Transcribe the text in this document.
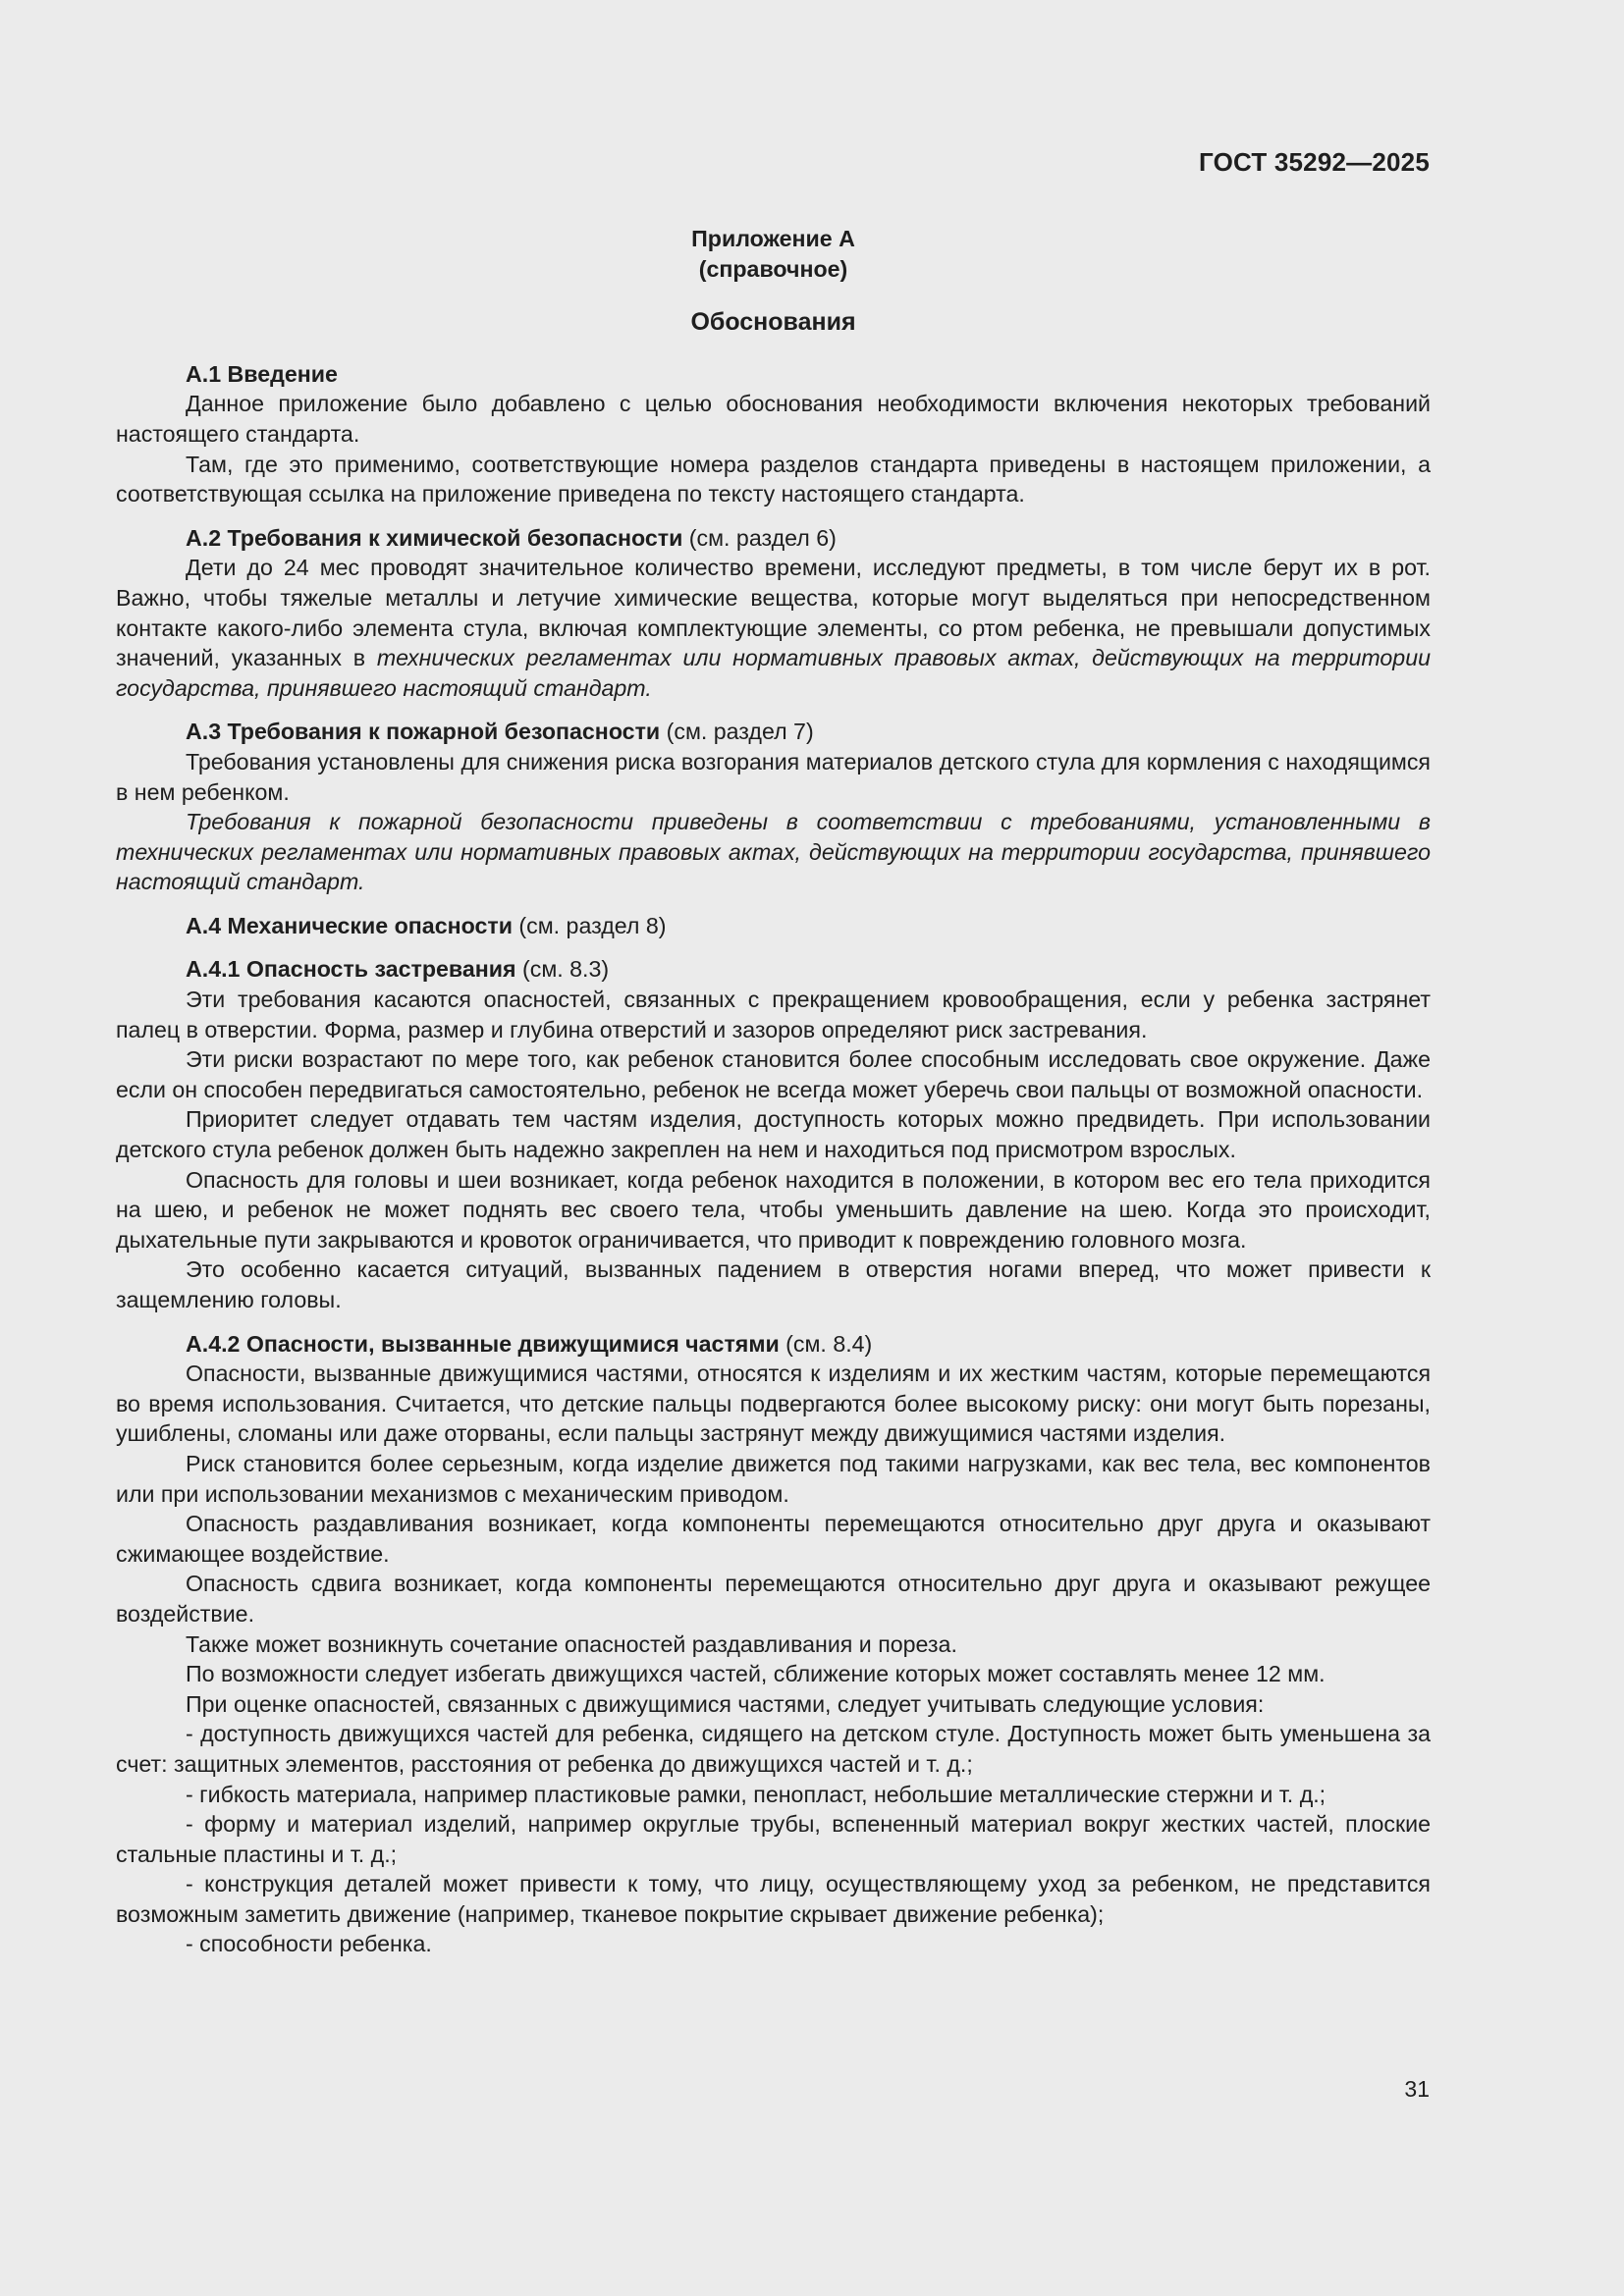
ГОСТ 35292—2025
Приложение А
(справочное)
Обоснования

А.1 Введение

Данное приложение было добавлено с целью обоснования необходимости включения некоторых требований настоящего стандарта.

Там, где это применимо, соответствующие номера разделов стандарта приведены в настоящем приложении, а соответствующая ссылка на приложение приведена по тексту настоящего стандарта.

А.2 Требования к химической безопасности (см. раздел 6)

Дети до 24 мес проводят значительное количество времени, исследуют предметы, в том числе берут их в рот. Важно, чтобы тяжелые металлы и летучие химические вещества, которые могут выделяться при непосредственном контакте какого-либо элемента стула, включая комплектующие элементы, со ртом ребенка, не превышали допустимых значений, указанных в технических регламентах или нормативных правовых актах, действующих на территории государства, принявшего настоящий стандарт.

А.3 Требования к пожарной безопасности (см. раздел 7)

Требования установлены для снижения риска возгорания материалов детского стула для кормления с находящимся в нем ребенком.

Требования к пожарной безопасности приведены в соответствии с требованиями, установленными в технических регламентах или нормативных правовых актах, действующих на территории государства, принявшего настоящий стандарт.

А.4 Механические опасности (см. раздел 8)

А.4.1 Опасность застревания (см. 8.3)

Эти требования касаются опасностей, связанных с прекращением кровообращения, если у ребенка застрянет палец в отверстии. Форма, размер и глубина отверстий и зазоров определяют риск застревания.

Эти риски возрастают по мере того, как ребенок становится более способным исследовать свое окружение. Даже если он способен передвигаться самостоятельно, ребенок не всегда может уберечь свои пальцы от возможной опасности.

Приоритет следует отдавать тем частям изделия, доступность которых можно предвидеть. При использовании детского стула ребенок должен быть надежно закреплен на нем и находиться под присмотром взрослых.

Опасность для головы и шеи возникает, когда ребенок находится в положении, в котором вес его тела приходится на шею, и ребенок не может поднять вес своего тела, чтобы уменьшить давление на шею. Когда это происходит, дыхательные пути закрываются и кровоток ограничивается, что приводит к повреждению головного мозга.

Это особенно касается ситуаций, вызванных падением в отверстия ногами вперед, что может привести к защемлению головы.

А.4.2 Опасности, вызванные движущимися частями (см. 8.4)

Опасности, вызванные движущимися частями, относятся к изделиям и их жестким частям, которые перемещаются во время использования. Считается, что детские пальцы подвергаются более высокому риску: они могут быть порезаны, ушиблены, сломаны или даже оторваны, если пальцы застрянут между движущимися частями изделия.

Риск становится более серьезным, когда изделие движется под такими нагрузками, как вес тела, вес компонентов или при использовании механизмов с механическим приводом.

Опасность раздавливания возникает, когда компоненты перемещаются относительно друг друга и оказывают сжимающее воздействие.

Опасность сдвига возникает, когда компоненты перемещаются относительно друг друга и оказывают режущее воздействие.

Также может возникнуть сочетание опасностей раздавливания и пореза.

По возможности следует избегать движущихся частей, сближение которых может составлять менее 12 мм.

При оценке опасностей, связанных с движущимися частями, следует учитывать следующие условия:

- доступность движущихся частей для ребенка, сидящего на детском стуле. Доступность может быть уменьшена за счет: защитных элементов, расстояния от ребенка до движущихся частей и т. д.;

- гибкость материала, например пластиковые рамки, пенопласт, небольшие металлические стержни и т. д.;

- форму и материал изделий, например округлые трубы, вспененный материал вокруг жестких частей, плоские стальные пластины и т. д.;

- конструкция деталей может привести к тому, что лицу, осуществляющему уход за ребенком, не представится возможным заметить движение (например, тканевое покрытие скрывает движение ребенка);

- способности ребенка.

31
